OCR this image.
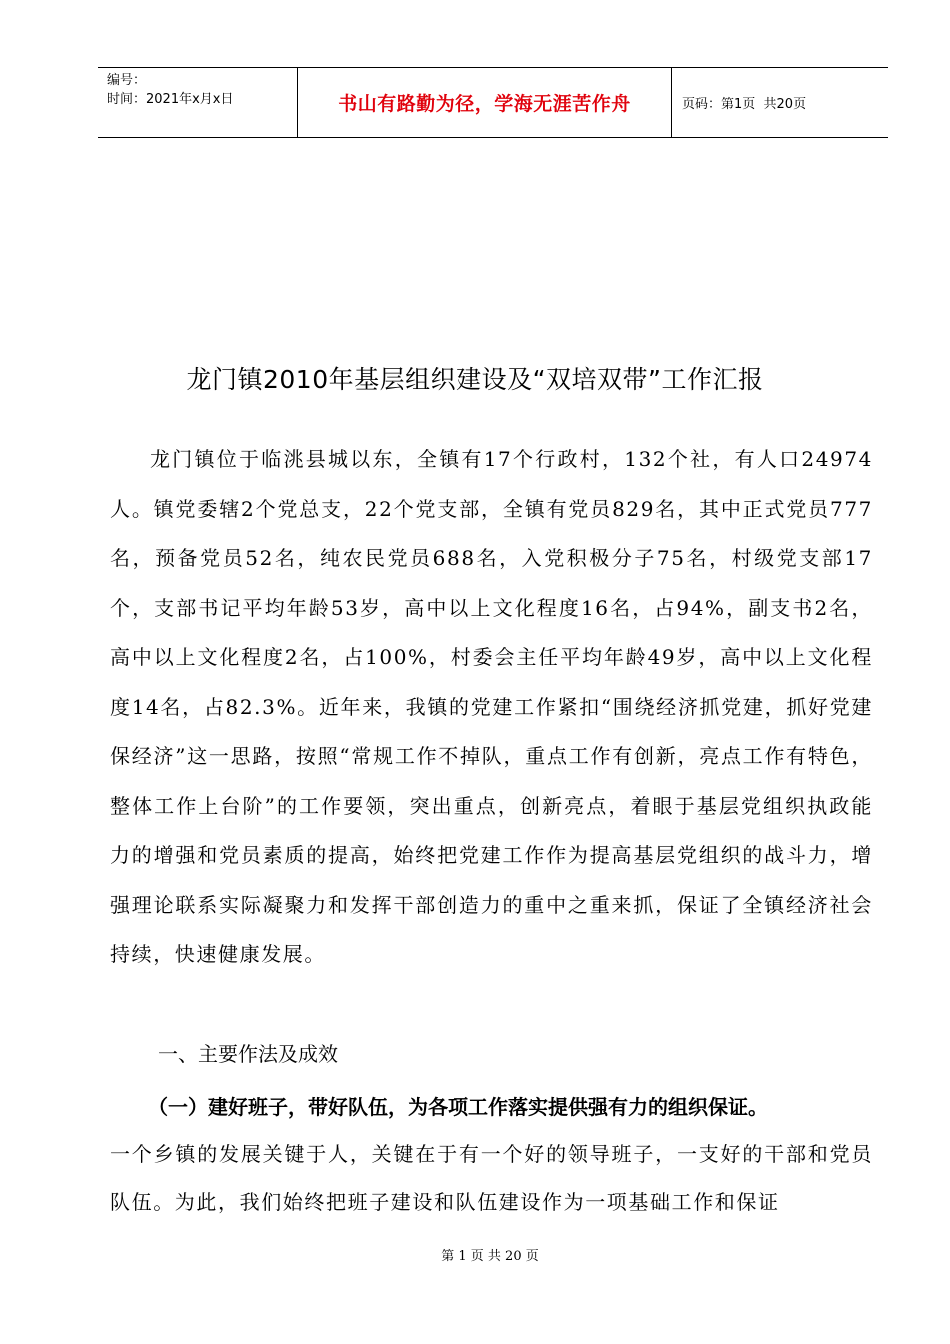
编号：
时间：2021年x月x日	书山有路勤为径，学海无涯苦作舟	页码：第1页  共20页
龙门镇2010年基层组织建设及“双培双带”工作汇报

龙门镇位于临洮县城以东，全镇有17个行政村，132个社，有人口24974人。镇党委辖2个党总支，22个党支部，全镇有党员829名，其中正式党员777名，预备党员52名，纯农民党员688名，入党积极分子75名，村级党支部17个，支部书记平均年龄53岁，高中以上文化程度16名，占94%，副支书2名，高中以上文化程度2名，占100%，村委会主任平均年龄49岁，高中以上文化程度14名，占82.3%。近年来，我镇的党建工作紧扣“围绕经济抓党建，抓好党建保经济”这一思路，按照“常规工作不掉队，重点工作有创新，亮点工作有特色，整体工作上台阶”的工作要领，突出重点，创新亮点，着眼于基层党组织执政能力的增强和党员素质的提高，始终把党建工作作为提高基层党组织的战斗力，增强理论联系实际凝聚力和发挥干部创造力的重中之重来抓，保证了全镇经济社会持续，快速健康发展。

一、主要作法及成效
（一）建好班子，带好队伍，为各项工作落实提供强有力的组织保证。
一个乡镇的发展关键于人，关键在于有一个好的领导班子，一支好的干部和党员队伍。为此，我们始终把班子建设和队伍建设作为一项基础工作和保证
第 1 页 共 20 页
